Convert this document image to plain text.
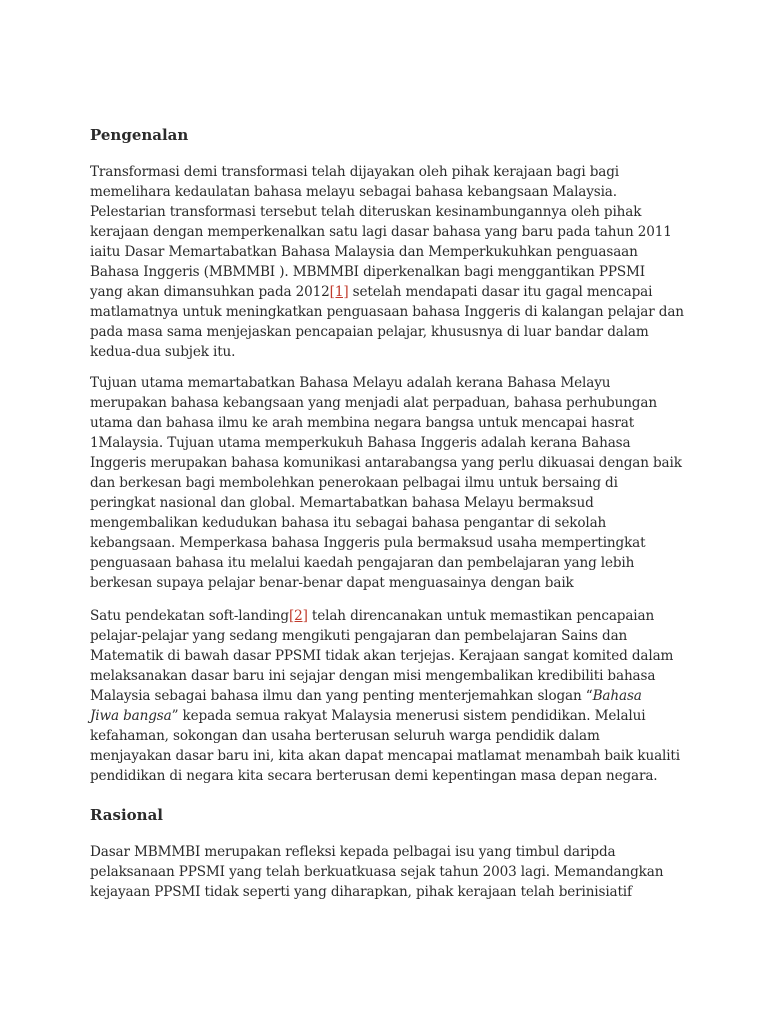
Pengenalan

Transformasi demi transformasi telah dijayakan oleh pihak kerajaan bagi bagi
memelihara kedaulatan bahasa melayu sebagai bahasa kebangsaan Malaysia.
Pelestarian transformasi tersebut telah diteruskan kesinambungannya oleh pihak
kerajaan dengan memperkenalkan satu lagi dasar bahasa yang baru pada tahun 2011
iaitu Dasar Memartabatkan Bahasa Malaysia dan Memperkukuhkan penguasaan
Bahasa Inggeris (MBMMBI ). MBMMBI diperkenalkan bagi menggantikan PPSMI
yang akan dimansuhkan pada 2012[1] setelah mendapati dasar itu gagal mencapai
matlamatnya untuk meningkatkan penguasaan bahasa Inggeris di kalangan pelajar dan
pada masa sama menjejaskan pencapaian pelajar, khususnya di luar bandar dalam
kedua-dua subjek itu.

Tujuan utama memartabatkan Bahasa Melayu adalah kerana Bahasa Melayu
merupakan bahasa kebangsaan yang menjadi alat perpaduan, bahasa perhubungan
utama dan bahasa ilmu ke arah membina negara bangsa untuk mencapai hasrat
1Malaysia. Tujuan utama memperkukuh Bahasa Inggeris adalah kerana Bahasa
Inggeris merupakan bahasa komunikasi antarabangsa yang perlu dikuasai dengan baik
dan berkesan bagi membolehkan penerokaan pelbagai ilmu untuk bersaing di
peringkat nasional dan global. Memartabatkan bahasa Melayu bermaksud
mengembalikan kedudukan bahasa itu sebagai bahasa pengantar di sekolah
kebangsaan. Memperkasa bahasa Inggeris pula bermaksud usaha mempertingkat
penguasaan bahasa itu melalui kaedah pengajaran dan pembelajaran yang lebih
berkesan supaya pelajar benar-benar dapat menguasainya dengan baik

Satu pendekatan soft-landing[2] telah direncanakan untuk memastikan pencapaian
pelajar-pelajar yang sedang mengikuti pengajaran dan pembelajaran Sains dan
Matematik di bawah dasar PPSMI tidak akan terjejas. Kerajaan sangat komited dalam
melaksanakan dasar baru ini sejajar dengan misi mengembalikan kredibiliti bahasa
Malaysia sebagai bahasa ilmu dan yang penting menterjemahkan slogan “Bahasa
Jiwa bangsa” kepada semua rakyat Malaysia menerusi sistem pendidikan. Melalui
kefahaman, sokongan dan usaha berterusan seluruh warga pendidik dalam
menjayakan dasar baru ini, kita akan dapat mencapai matlamat menambah baik kualiti
pendidikan di negara kita secara berterusan demi kepentingan masa depan negara.

Rasional

Dasar MBMMBI merupakan refleksi kepada pelbagai isu yang timbul daripda
pelaksanaan PPSMI yang telah berkuatkuasa sejak tahun 2003 lagi. Memandangkan
kejayaan PPSMI tidak seperti yang diharapkan, pihak kerajaan telah berinisiatif
